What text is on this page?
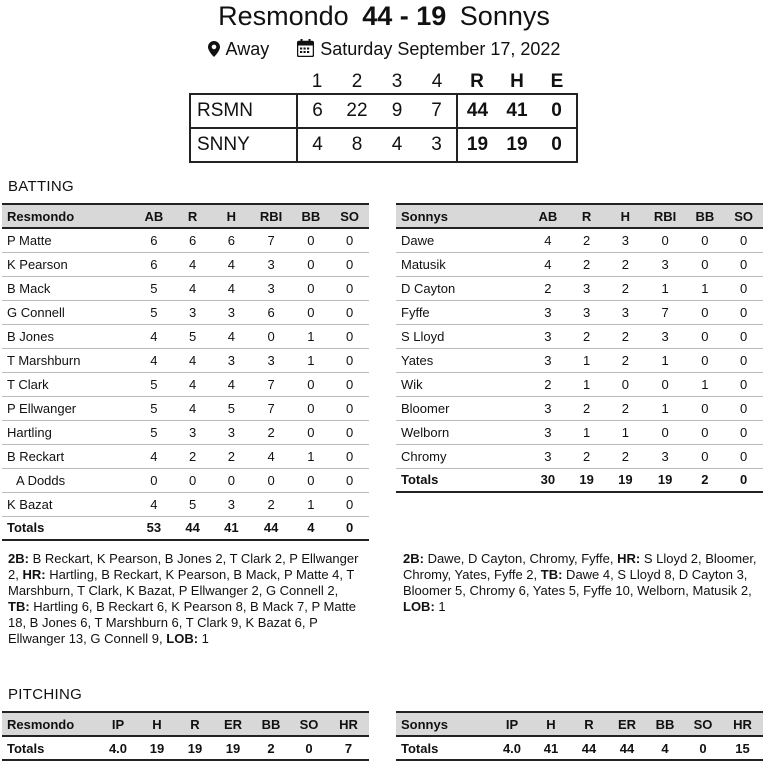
Resmondo 44 - 19 Sonnys
Away	Saturday September 17, 2022
	1	2	3	4	R	H	E
RSMN	6	22	9	7	44	41	0
SNNY	4	8	4	3	19	19	0
BATTING
Resmondo	AB	R	H	RBI	BB	SO
P Matte	6	6	6	7	0	0
K Pearson	6	4	4	3	0	0
B Mack	5	4	4	3	0	0
G Connell	5	3	3	6	0	0
B Jones	4	5	4	0	1	0
T Marshburn	4	4	3	3	1	0
T Clark	5	4	4	7	0	0
P Ellwanger	5	4	5	7	0	0
Hartling	5	3	3	2	0	0
B Reckart	4	2	2	4	1	0
A Dodds	0	0	0	0	0	0
K Bazat	4	5	3	2	1	0
Totals	53	44	41	44	4	0
Sonnys	AB	R	H	RBI	BB	SO
Dawe	4	2	3	0	0	0
Matusik	4	2	2	3	0	0
D Cayton	2	3	2	1	1	0
Fyffe	3	3	3	7	0	0
S Lloyd	3	2	2	3	0	0
Yates	3	1	2	1	0	0
Wik	2	1	0	0	1	0
Bloomer	3	2	2	1	0	0
Welborn	3	1	1	0	0	0
Chromy	3	2	2	3	0	0
Totals	30	19	19	19	2	0
2B: B Reckart, K Pearson, B Jones 2, T Clark 2, P Ellwanger 2, HR: Hartling, B Reckart, K Pearson, B Mack, P Matte 4, T Marshburn, T Clark, K Bazat, P Ellwanger 2, G Connell 2, TB: Hartling 6, B Reckart 6, K Pearson 8, B Mack 7, P Matte 18, B Jones 6, T Marshburn 6, T Clark 9, K Bazat 6, P Ellwanger 13, G Connell 9, LOB: 1
2B: Dawe, D Cayton, Chromy, Fyffe, HR: S Lloyd 2, Bloomer, Chromy, Yates, Fyffe 2, TB: Dawe 4, S Lloyd 8, D Cayton 3, Bloomer 5, Chromy 6, Yates 5, Fyffe 10, Welborn, Matusik 2, LOB: 1
PITCHING
Resmondo	IP	H	R	ER	BB	SO	HR
Totals	4.0	19	19	19	2	0	7
Sonnys	IP	H	R	ER	BB	SO	HR
Totals	4.0	41	44	44	4	0	15
